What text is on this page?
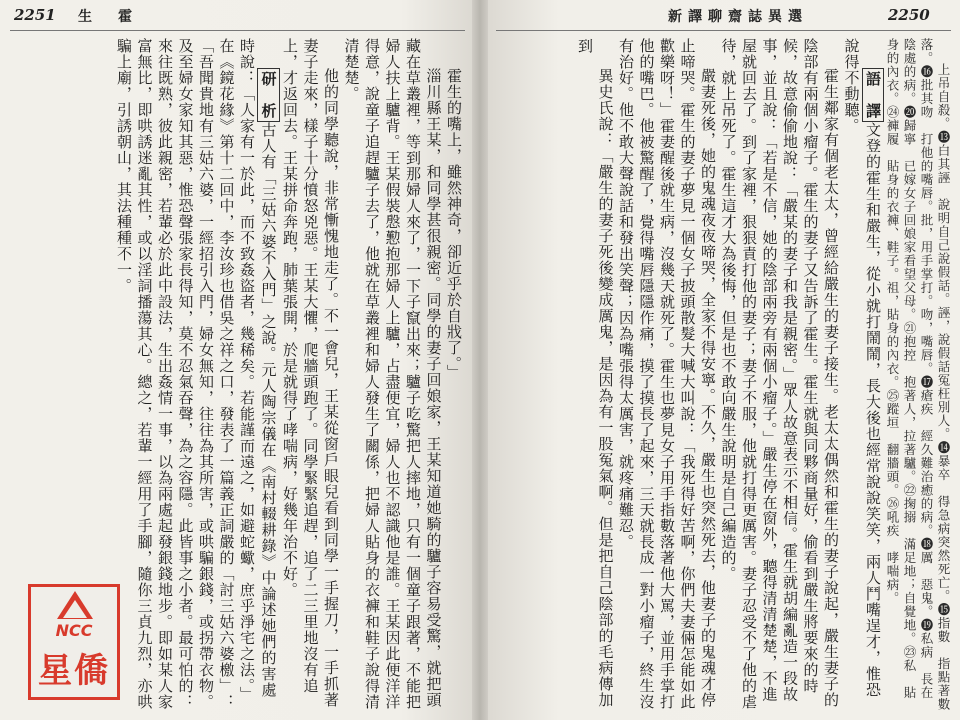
2251 生　霍

霍生的嘴上，雖然神奇，卻近乎於自戕了。」

淄川縣王某，和同學甚很親密。同學的妻子回娘家，王某知道她騎的驢子容易受驚，就把頭藏在草叢裡，等到那婦人來了，一下子竄出來；驢子吃驚把人摔地，只有一個童子跟著，不能把婦人扶上驢背。王某假裝慇懃抱那婦人上驢，占盡便宜，婦人也不認識他是誰。王某因此便洋洋得意，說童子追趕驢子去了，他就在草叢裡和婦人發生了關係，把婦人貼身的衣褲和鞋子說得清清楚楚。

他的同學聽說，非常慚愧地走了。不一會兒，王某從窗戶眼兒看到同學一手握刀，一手抓著妻子走來，樣子十分憤怒兇惡。王某大懼，爬牆頭跑了。同學緊緊追趕，追了二三里地沒有追上，才返回去。王某拼命奔跑，肺葉張開，於是就得了哮喘病，好幾年治不好。

研　析古人有「三姑六婆不入門」之說。元人陶宗儀在《南村輟耕錄》中論述她們的害處時說：「人家有一於此，而不致姦盜者，幾稀矣。若能謹而遠之，如避蛇蠍，庶乎淨宅之法。」在《鏡花緣》第十二回中，李汝珍也借吳之祥之口，發表了一篇義正詞嚴的「討三姑六婆檄」：「吾聞貴地有三姑六婆，一經招引入門，婦女無知，往往為其所害，或哄騙銀錢，或拐帶衣物。及至婦女家知其惡，惟恐聲張家長得知，莫不忍氣吞聲，為之容隱。此皆事之小者。最可怕的：來往既熟，彼此親密，若輩必於此中設法，生出姦情一事，以為兩處起發銀錢地步。即如某人家富無比，即哄誘迷亂其性，或以淫詞播蕩其心。總之，若輩一經用了手腳，隨你三貞九烈，亦哄騙上廟，引誘朝山，其法種種不一。

NCC
星僑
新譯聊齋誌異選	2250

上吊自殺。⓭白其誣　說明自己說假話。誣，說假話冤枉別人。⓮暴卒　得急病突然死亡。⓯指數　指點著數落。⓰批其吻　打他的嘴唇。批，用手掌打。吻，嘴唇。⓱瘡疾　經久難治癒的病。⓲厲　惡鬼。⓳私病　長在陰處的病。⓴歸寧　已嫁女子回娘家看望父母。㉑抱控　抱著人，拉著驢。㉒掬搦　滿足地；自覺地。㉓私　貼身的內衣。㉔褲履　貼身的衣褲、鞋子。祖，貼身的內衣。㉕蹤垣　翻牆頭。㉖吼疾　哮喘病。

語　譯文登的霍生和嚴生，從小就打鬧鬧，長大後也經常說說笑笑，兩人鬥嘴逞才，惟恐說得不動聽。

霍生鄰家有個老太太，曾經給嚴生的妻子接生。老太太偶然和霍生的妻子說起，嚴生妻子的陰部有兩個小瘤子。霍生的妻子又告訴了霍生。霍生就與同夥商量好，偷看到嚴生將要來的時候，故意偷偷地說：「嚴某的妻子和我是親密。」眾人故意表示不相信。霍生就胡編亂造一段故事，並且說：「若是不信，她的陰部兩旁有兩個小瘤子。」嚴生停在窗外，聽得清清楚楚，不進屋就回去了。到了家裡，狠狠責打他的妻子；妻子不服，他就打得更厲害。妻子忍受不了他的虐待，就上吊死了。霍生這才大為後悔，但是也不敢向嚴生說明是自己編造的。

嚴妻死後，她的鬼魂夜夜啼哭，全家不得安寧。不久，嚴生也突然死去，他妻子的鬼魂才停止啼哭。霍生的妻子夢見一個女子披頭散髮大喊大叫說：「我死得好苦啊，你們夫妻倆怎能如此歡樂呀！」霍妻醒後就生病，沒幾天就死了。霍生也夢見女子用手指數落著他大罵，並用手掌打他的嘴巴。他被驚醒了，覺得嘴唇隱隱作痛，摸了摸長了起來，三天就長成一對小瘤子，終生沒有治好。他不敢大聲說話和發出笑聲；因為嘴張得太厲害，就疼痛難忍。

異史氏說：「嚴生的妻子死後變成厲鬼，是因為有一股冤氣啊。但是把自己陰部的毛病傳加到
